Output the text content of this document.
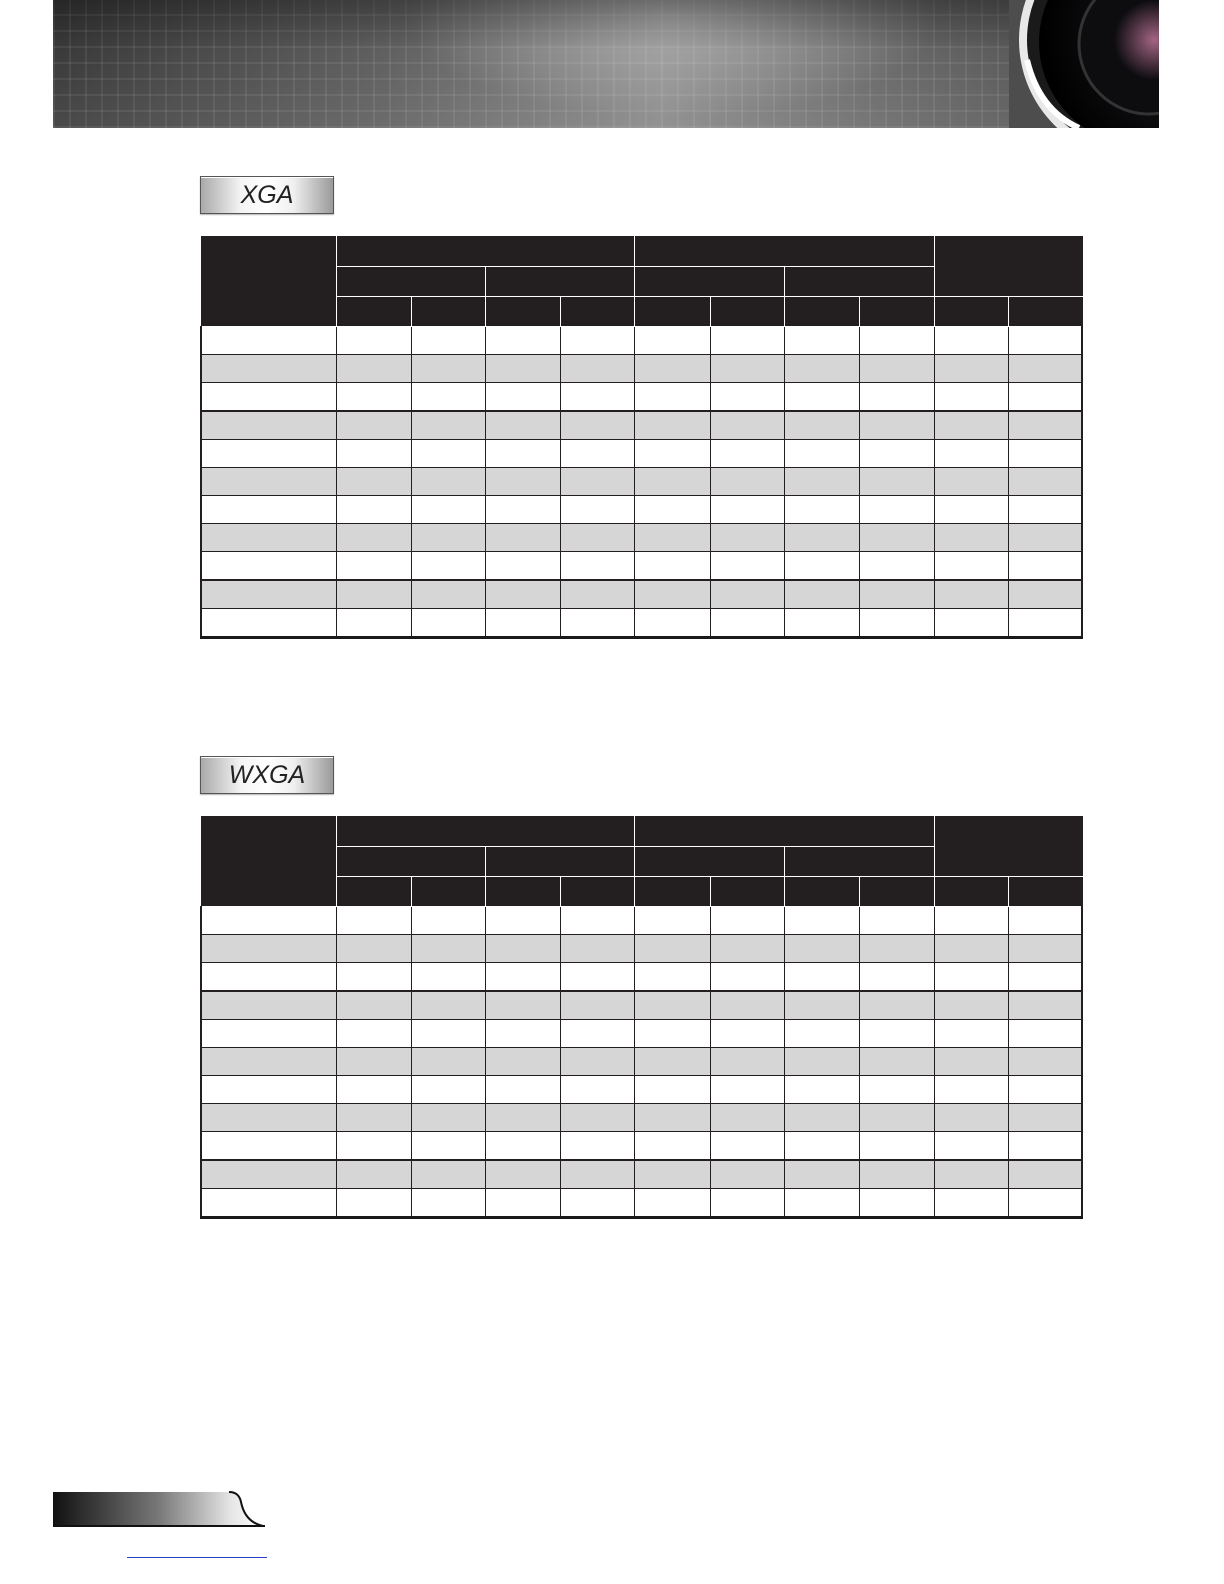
XGA

WXGA
